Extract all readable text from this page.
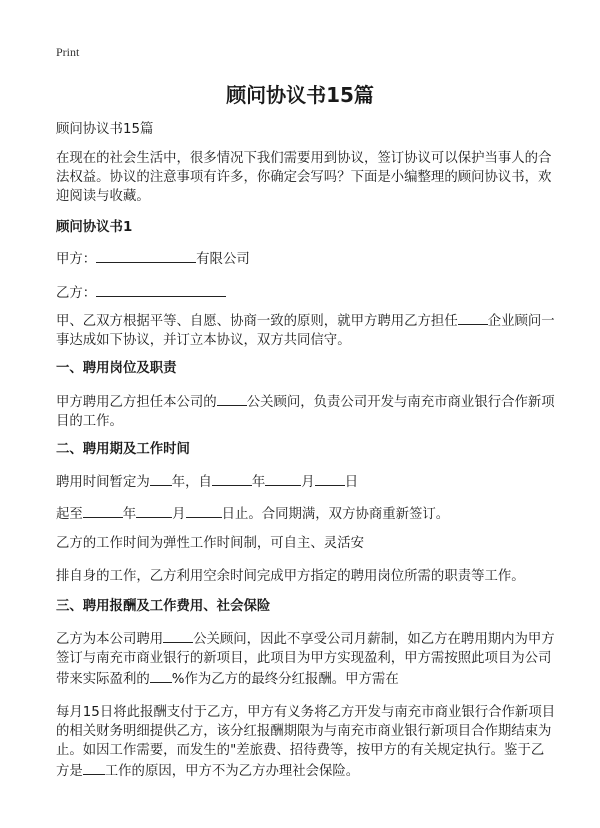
Print
顾问协议书15篇

顾问协议书15篇

在现在的社会生活中，很多情况下我们需要用到协议，签订协议可以保护当事人的合法权益。协议的注意事项有许多，你确定会写吗？下面是小编整理的顾问协议书，欢迎阅读与收藏。

顾问协议书1

甲方：	有限公司

乙方：

甲、乙双方根据平等、自愿、协商一致的原则，就甲方聘用乙方担任 企业顾问一事达成如下协议，并订立本协议，双方共同信守。

一、聘用岗位及职责

甲方聘用乙方担任本公司的 公关顾问，负责公司开发与南充市商业银行合作新项目的工作。

二、聘用期及工作时间

聘用时间暂定为 年，自	年	月 日

起至	年	月	日止。合同期满，双方协商重新签订。

乙方的工作时间为弹性工作时间制，可自主、灵活安

排自身的工作，乙方利用空余时间完成甲方指定的聘用岗位所需的职责等工作。

三、聘用报酬及工作费用、社会保险

乙方为本公司聘用 公关顾问，因此不享受公司月薪制，如乙方在聘用期内为甲方签订与南充市商业银行的新项目，此项目为甲方实现盈利，甲方需按照此项目为公司带来实际盈利的 %作为乙方的最终分红报酬。甲方需在

每月15日将此报酬支付于乙方，甲方有义务将乙方开发与南充市商业银行合作新项目的相关财务明细提供乙方，该分红报酬期限为与南充市商业银行新项目合作期结束为止。如因工作需要，而发生的"差旅费、招待费等，按甲方的有关规定执行。鉴于乙方是 工作的原因，甲方不为乙方办理社会保险。
